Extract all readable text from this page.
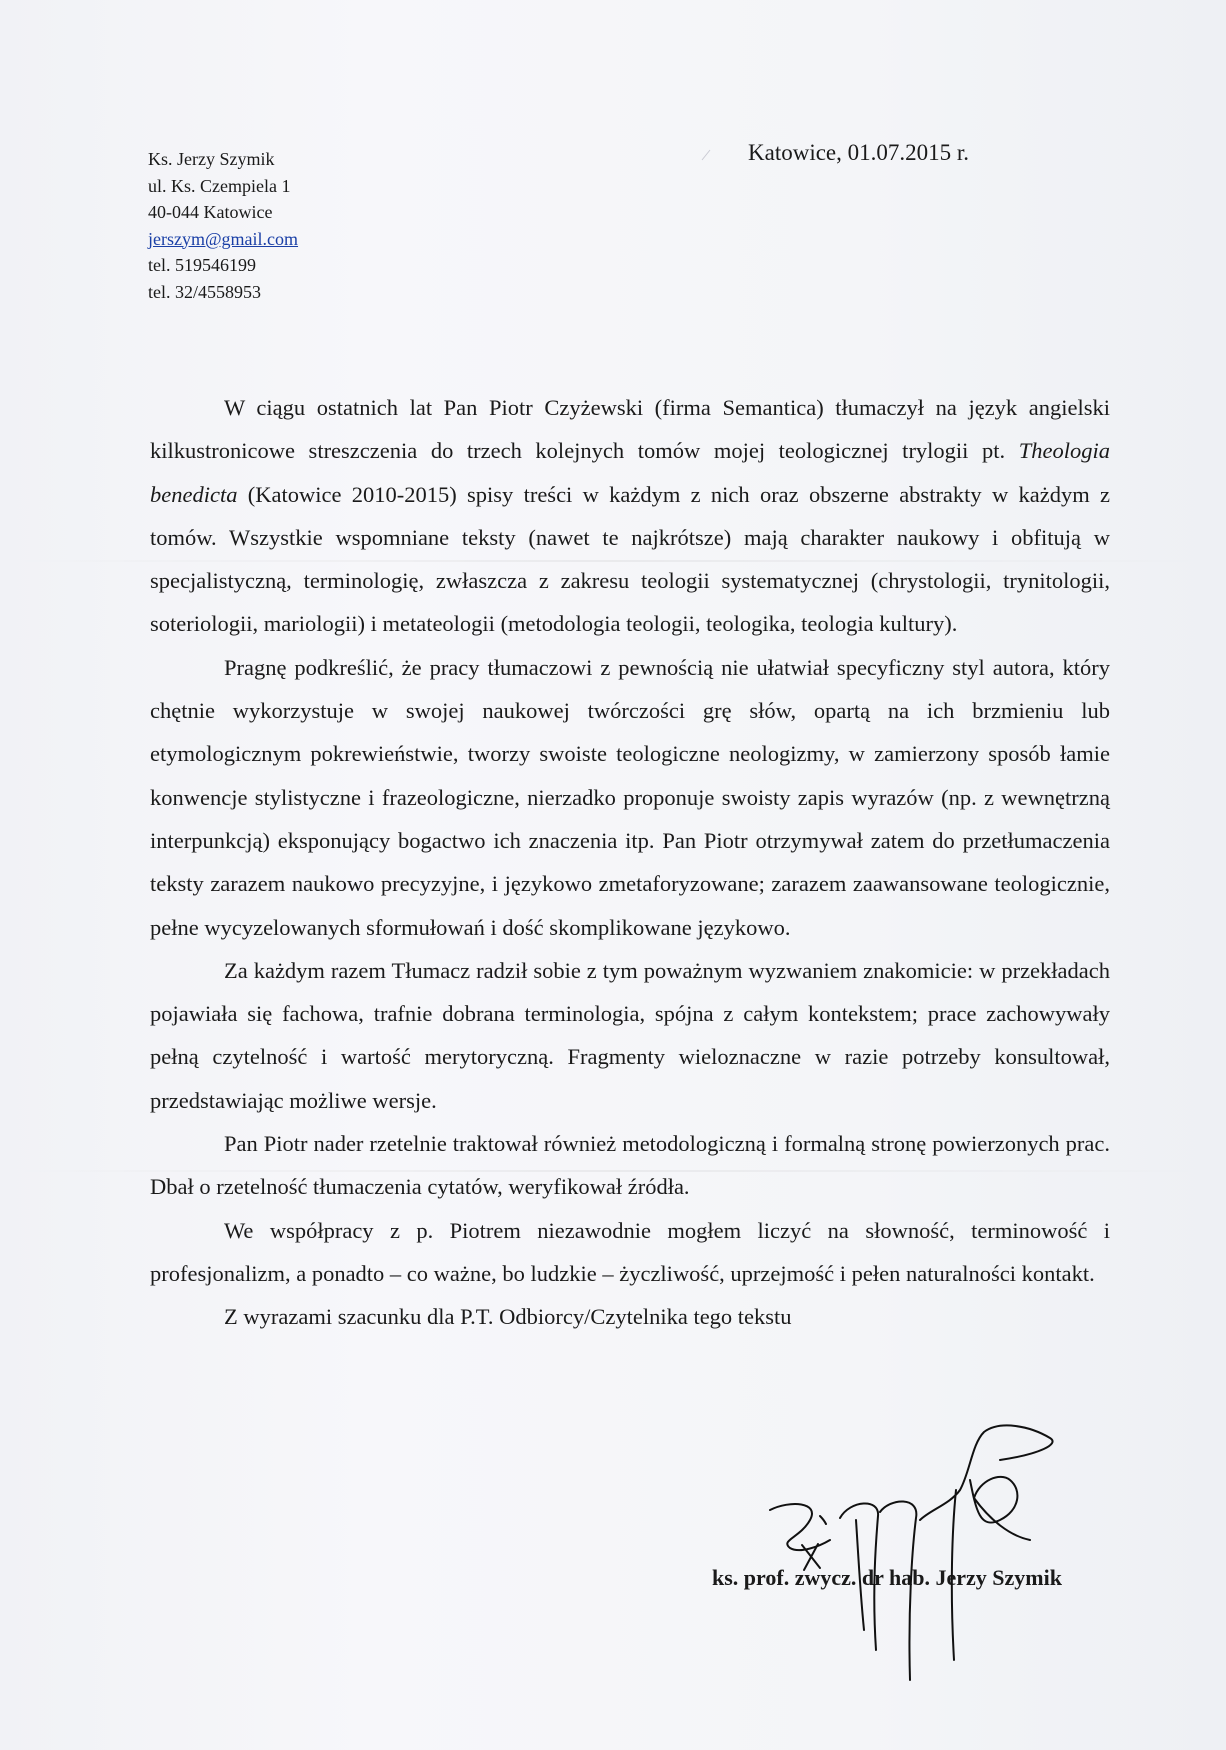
Ks. Jerzy Szymik
ul. Ks. Czempiela 1
40-044 Katowice
jerszym@gmail.com
tel. 519546199
tel. 32/4558953
Katowice, 01.07.2015 r.

W ciągu ostatnich lat Pan Piotr Czyżewski (firma Semantica) tłumaczył na język angielski kilkustronicowe streszczenia do trzech kolejnych tomów mojej teologicznej trylogii pt. Theologia benedicta (Katowice 2010-2015) spisy treści w każdym z nich oraz obszerne abstrakty w każdym z tomów. Wszystkie wspomniane teksty (nawet te najkrótsze) mają charakter naukowy i obfitują w specjalistyczną, terminologię, zwłaszcza z zakresu teologii systematycznej (chrystologii, trynitologii, soteriologii, mariologii) i metateologii (metodologia teologii, teologika, teologia kultury).

Pragnę podkreślić, że pracy tłumaczowi z pewnością nie ułatwiał specyficzny styl autora, który chętnie wykorzystuje w swojej naukowej twórczości grę słów, opartą na ich brzmieniu lub etymologicznym pokrewieństwie, tworzy swoiste teologiczne neologizmy, w zamierzony sposób łamie konwencje stylistyczne i frazeologiczne, nierzadko proponuje swoisty zapis wyrazów (np. z wewnętrzną interpunkcją) eksponujący bogactwo ich znaczenia itp. Pan Piotr otrzymywał zatem do przetłumaczenia teksty zarazem naukowo precyzyjne, i językowo zmetaforyzowane; zarazem zaawansowane teologicznie, pełne wycyzelowanych sformułowań i dość skomplikowane językowo.

Za każdym razem Tłumacz radził sobie z tym poważnym wyzwaniem znakomicie: w przekładach pojawiała się fachowa, trafnie dobrana terminologia, spójna z całym kontekstem; prace zachowywały pełną czytelność i wartość merytoryczną. Fragmenty wieloznaczne w razie potrzeby konsultował, przedstawiając możliwe wersje.

Pan Piotr nader rzetelnie traktował również metodologiczną i formalną stronę powierzonych prac. Dbał o rzetelność tłumaczenia cytatów, weryfikował źródła.

We współpracy z p. Piotrem niezawodnie mogłem liczyć na słowność, terminowość i profesjonalizm, a ponadto – co ważne, bo ludzkie – życzliwość, uprzejmość i pełen naturalności kontakt.

Z wyrazami szacunku dla P.T. Odbiorcy/Czytelnika tego tekstu

ks. prof. zwycz. dr hab. Jerzy Szymik
